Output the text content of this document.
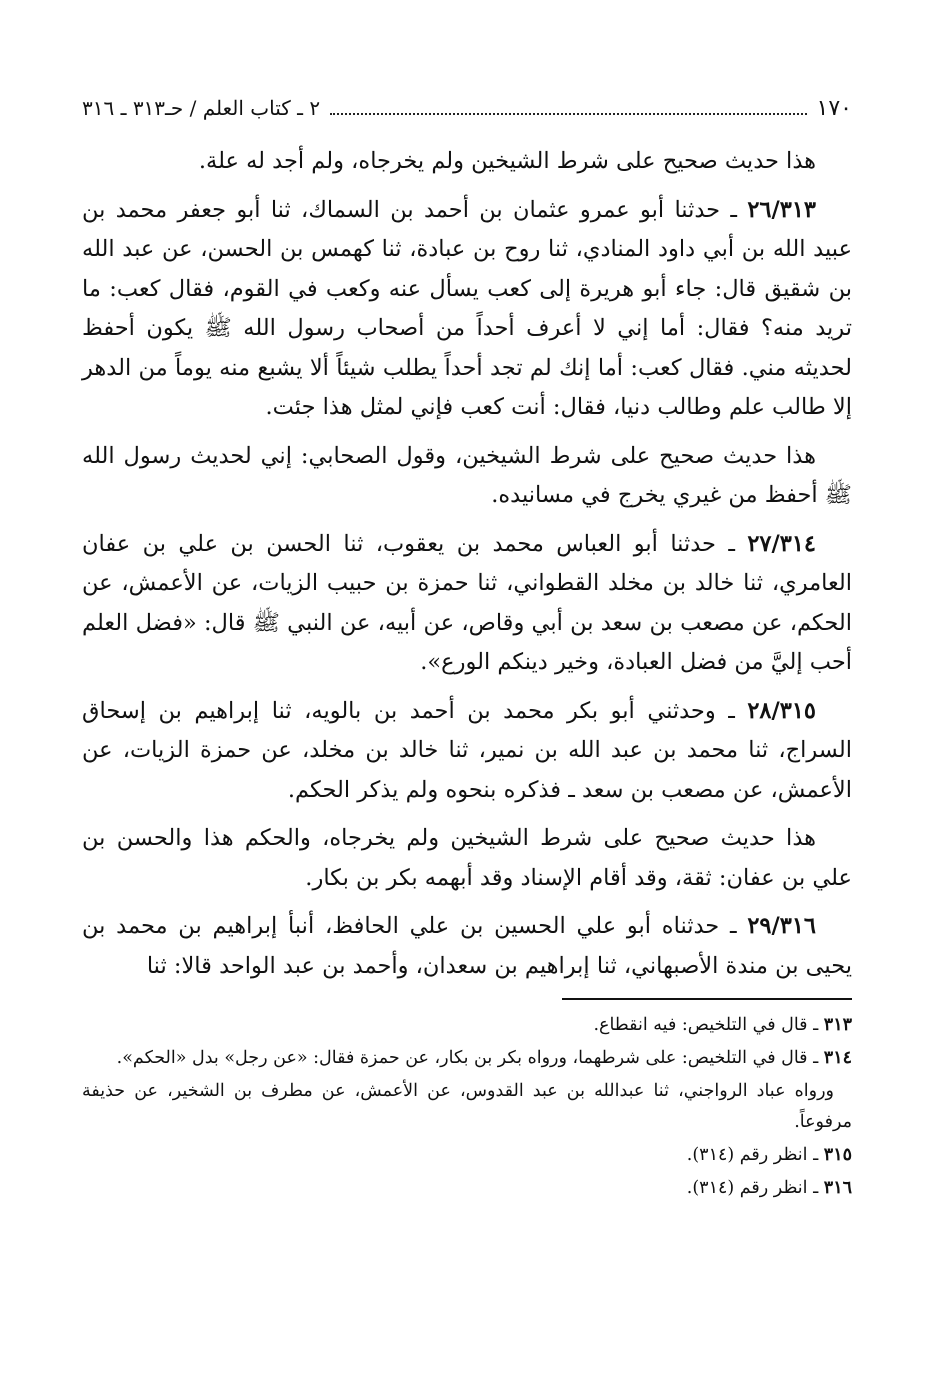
١٧٠
٢ ـ كتاب العلم / حـ٣١٣ ـ ٣١٦

هذا حديث صحيح على شرط الشيخين ولم يخرجاه، ولم أجد له علة.

٢٦/٣١٣ ـ حدثنا أبو عمرو عثمان بن أحمد بن السماك، ثنا أبو جعفر محمد بن عبيد الله بن أبي داود المنادي، ثنا روح بن عبادة، ثنا كهمس بن الحسن، عن عبد الله بن شقيق قال: جاء أبو هريرة إلى كعب يسأل عنه وكعب في القوم، فقال كعب: ما تريد منه؟ فقال: أما إني لا أعرف أحداً من أصحاب رسول الله ﷺ يكون أحفظ لحديثه مني. فقال كعب: أما إنك لم تجد أحداً يطلب شيئاً ألا يشبع منه يوماً من الدهر إلا طالب علم وطالب دنيا، فقال: أنت كعب فإني لمثل هذا جئت.

هذا حديث صحيح على شرط الشيخين، وقول الصحابي: إني لحديث رسول الله ﷺ أحفظ من غيري يخرج في مسانيده.

٢٧/٣١٤ ـ حدثنا أبو العباس محمد بن يعقوب، ثنا الحسن بن علي بن عفان العامري، ثنا خالد بن مخلد القطواني، ثنا حمزة بن حبيب الزيات، عن الأعمش، عن الحكم، عن مصعب بن سعد بن أبي وقاص، عن أبيه، عن النبي ﷺ قال: «فضل العلم أحب إليَّ من فضل العبادة، وخير دينكم الورع».

٢٨/٣١٥ ـ وحدثني أبو بكر محمد بن أحمد بن بالويه، ثنا إبراهيم بن إسحاق السراج، ثنا محمد بن عبد الله بن نمير، ثنا خالد بن مخلد، عن حمزة الزيات، عن الأعمش، عن مصعب بن سعد ـ فذكره بنحوه ولم يذكر الحكم.

هذا حديث صحيح على شرط الشيخين ولم يخرجاه، والحكم هذا والحسن بن علي بن عفان: ثقة، وقد أقام الإسناد وقد أبهمه بكر بن بكار.

٢٩/٣١٦ ـ حدثناه أبو علي الحسين بن علي الحافظ، أنبأ إبراهيم بن محمد بن يحيى بن مندة الأصبهاني، ثنا إبراهيم بن سعدان، وأحمد بن عبد الواحد قالا: ثنا

٣١٣ ـ قال في التلخيص: فيه انقطاع.

٣١٤ ـ قال في التلخيص: على شرطهما، ورواه بكر بن بكار، عن حمزة فقال: «عن رجل» بدل «الحكم».

ورواه عباد الرواجني، ثنا عبدالله بن عبد القدوس، عن الأعمش، عن مطرف بن الشخير، عن حذيفة مرفوعاً.

٣١٥ ـ انظر رقم (٣١٤).

٣١٦ ـ انظر رقم (٣١٤).
